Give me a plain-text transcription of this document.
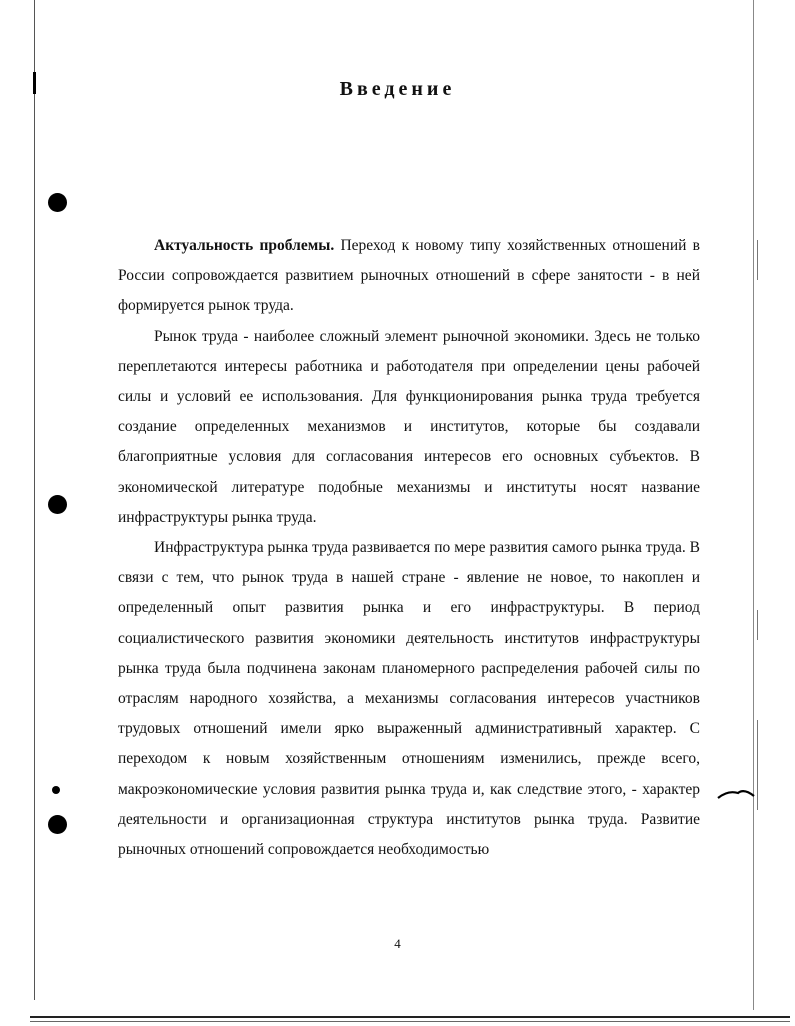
Введение

Актуальность проблемы. Переход к новому типу хозяйственных отношений в России сопровождается развитием рыночных отношений в сфере занятости - в ней формируется рынок труда.

Рынок труда - наиболее сложный элемент рыночной экономики. Здесь не только переплетаются интересы работника и работодателя при определении цены рабочей силы и условий ее использования. Для функционирования рынка труда требуется создание определенных механизмов и институтов, которые бы создавали благоприятные условия для согласования интересов его основных субъектов. В экономической литературе подобные механизмы и институты носят название инфраструктуры рынка труда.

Инфраструктура рынка труда развивается по мере развития самого рынка труда. В связи с тем, что рынок труда в нашей стране - явление не новое, то накоплен и определенный опыт развития рынка и его инфраструктуры. В период социалистического развития экономики деятельность институтов инфраструктуры рынка труда была подчинена законам планомерного распределения рабочей силы по отраслям народного хозяйства, а механизмы согласования интересов участников трудовых отношений имели ярко выраженный административный характер. С переходом к новым хозяйственным отношениям изменились, прежде всего, макроэкономические условия развития рынка труда и, как следствие этого, - характер деятельности и организационная структура институтов рынка труда. Развитие рыночных отношений сопровождается необходимостью

4
